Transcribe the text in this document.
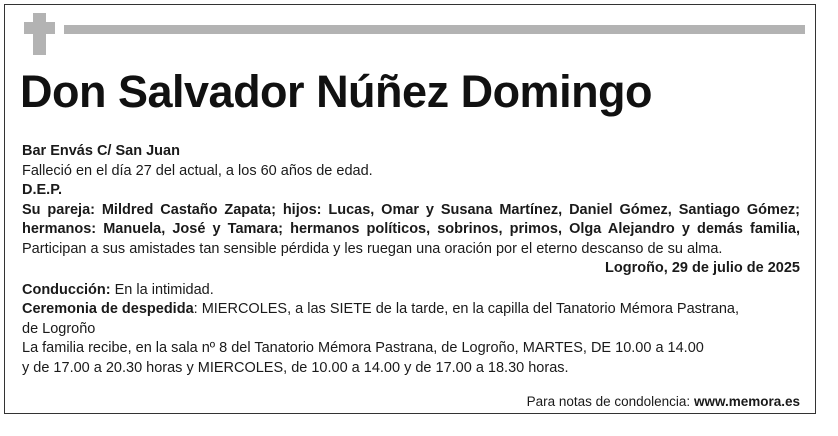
Don Salvador Núñez Domingo
Bar Envás C/ San Juan
Falleció en el día 27 del actual, a los 60 años de edad.
D.E.P.
Su pareja: Mildred Castaño Zapata; hijos: Lucas, Omar y Susana Martínez, Daniel Gómez, Santiago Gómez;
hermanos: Manuela, José y Tamara; hermanos políticos, sobrinos, primos, Olga Alejandro y demás familia,
Participan a sus amistades tan sensible pérdida y les ruegan una oración por el eterno descanso de su alma.
Logroño, 29 de julio de 2025
Conducción: En la intimidad.
Ceremonia de despedida: MIERCOLES, a las SIETE de la tarde, en la capilla del Tanatorio Mémora Pastrana,
de Logroño
La familia recibe, en la sala nº 8 del Tanatorio Mémora Pastrana, de Logroño, MARTES, DE 10.00 a 14.00
y de 17.00 a 20.30 horas y MIERCOLES, de 10.00 a 14.00 y de 17.00 a 18.30 horas.
Para notas de condolencia: www.memora.es
